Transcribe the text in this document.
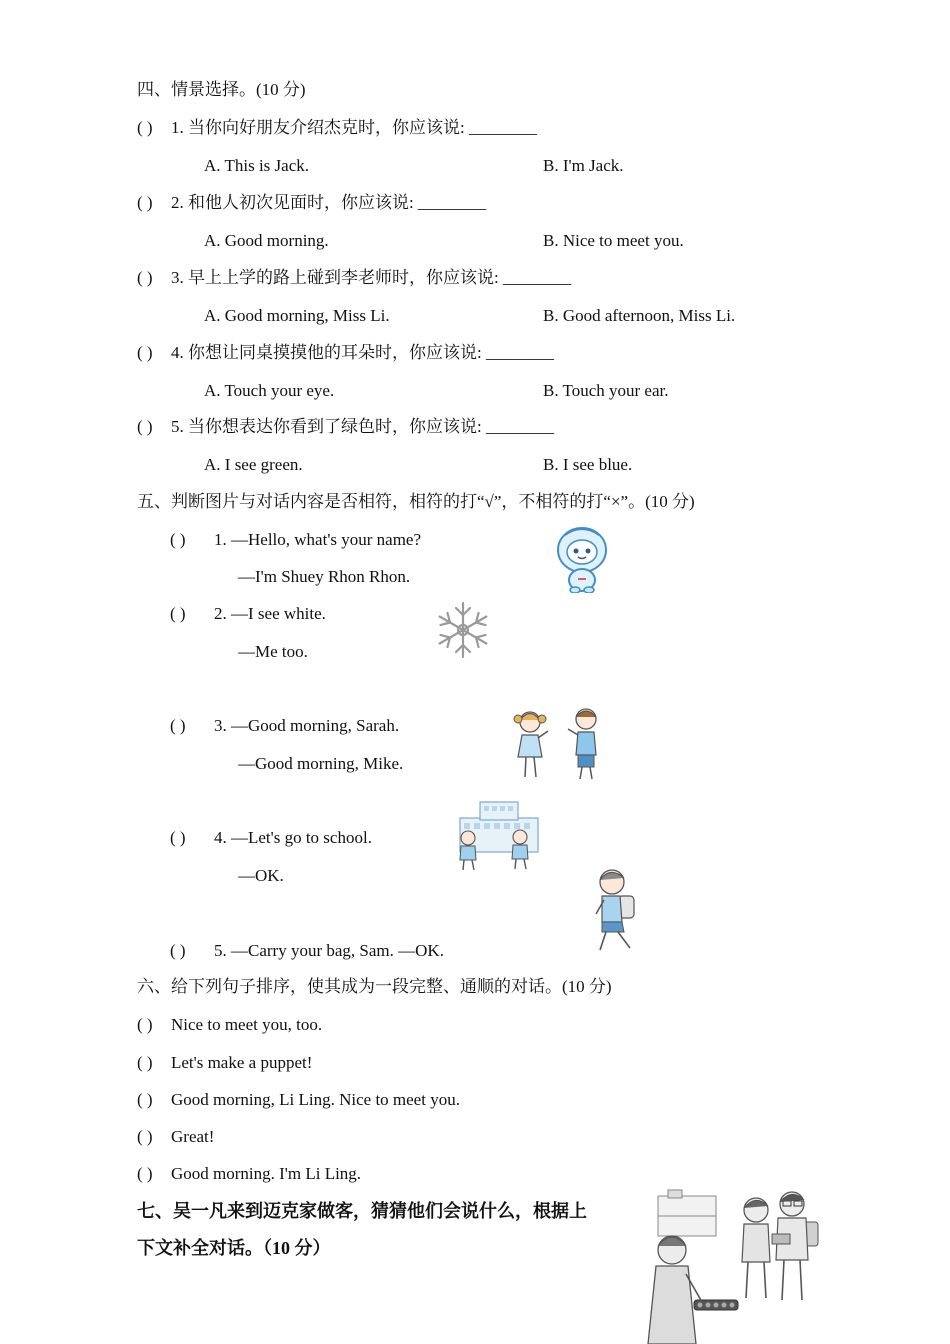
四、情景选择。(10 分)
( ) 1. 当你向好朋友介绍杰克时，你应该说: ________
A. This is Jack.	B. I'm Jack.
( ) 2. 和他人初次见面时，你应该说: ________
A. Good morning.	B. Nice to meet you.
( ) 3. 早上上学的路上碰到李老师时，你应该说: ________
A. Good morning, Miss Li.	B. Good afternoon, Miss Li.
( ) 4. 你想让同桌摸摸他的耳朵时，你应该说: ________
A. Touch your eye.	B. Touch your ear.
( ) 5. 当你想表达你看到了绿色时，你应该说: ________
A. I see green.	B. I see blue.
五、判断图片与对话内容是否相符，相符的打“√”，不相符的打“×”。(10 分)
( ) 1. —Hello, what's your name?
—I'm Shuey Rhon Rhon.
( ) 2. —I see white.
—Me too.
( ) 3. —Good morning, Sarah.
—Good morning, Mike.
( ) 4. —Let's go to school.
—OK.
( ) 5. —Carry your bag, Sam. —OK.
六、给下列句子排序，使其成为一段完整、通顺的对话。(10 分)
( ) Nice to meet you, too.
( ) Let's make a puppet!
( ) Good morning, Li Ling. Nice to meet you.
( ) Great!
( ) Good morning. I'm Li Ling.
七、吴一凡来到迈克家做客，猜猜他们会说什么，根据上
下文补全对话。（10 分）
